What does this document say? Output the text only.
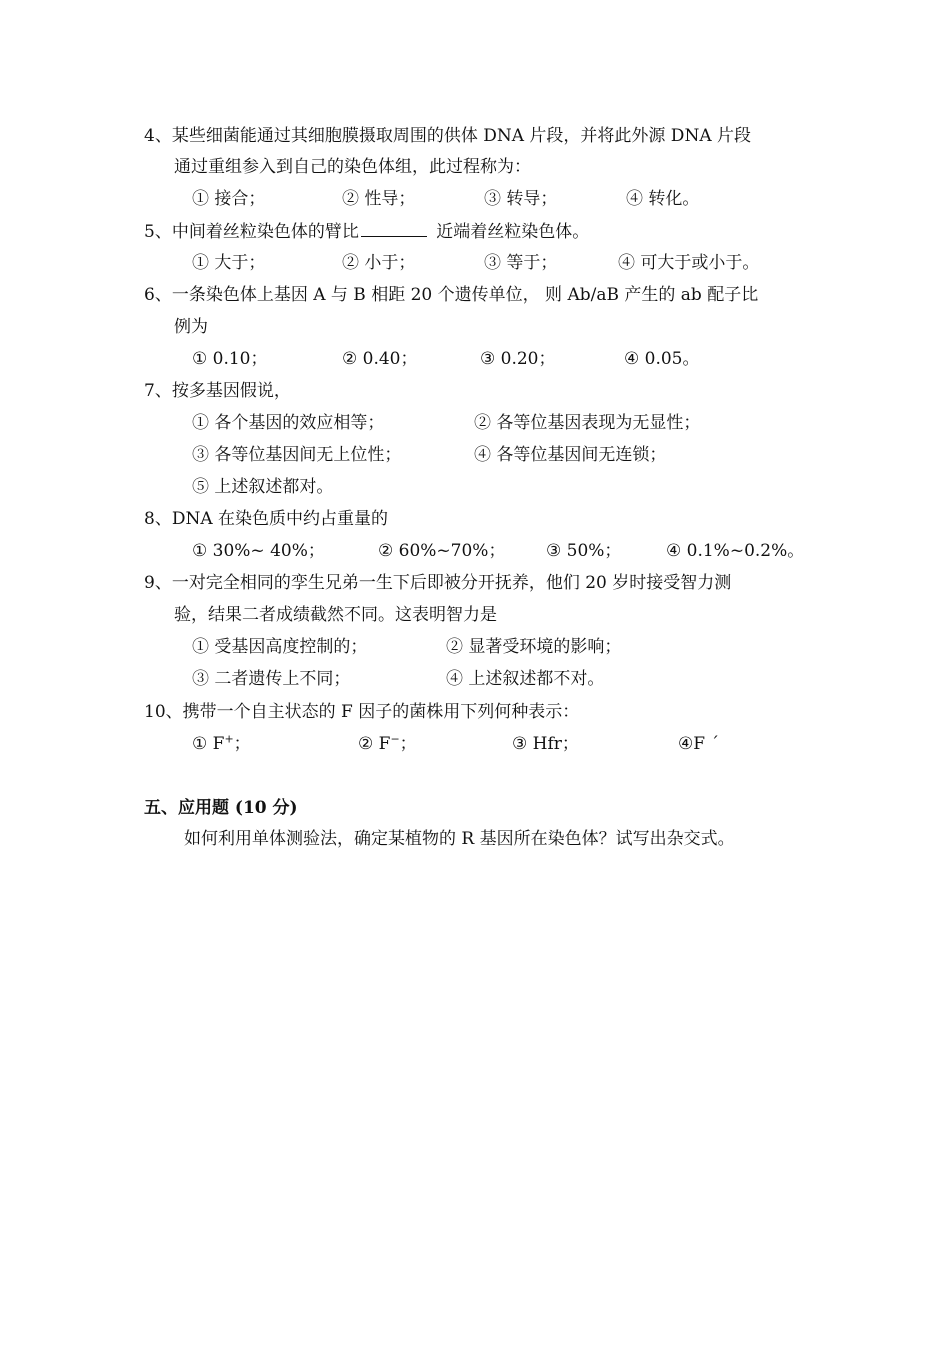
4、某些细菌能通过其细胞膜摄取周围的供体 DNA 片段，并将此外源 DNA 片段
通过重组参入到自己的染色体组，此过程称为：
① 接合；	② 性导；	③ 转导；	④ 转化。
5、中间着丝粒染色体的臂比	近端着丝粒染色体。
① 大于；	② 小于；	③ 等于；	④ 可大于或小于。
6、一条染色体上基因 A 与 B 相距 20 个遗传单位， 则 Ab/aB 产生的 ab 配子比
例为
① 0.10；	② 0.40；	③ 0.20；	④ 0.05。
7、按多基因假说，
① 各个基因的效应相等；	② 各等位基因表现为无显性；
③ 各等位基因间无上位性；	④ 各等位基因间无连锁；
⑤ 上述叙述都对。
8、DNA 在染色质中约占重量的
① 30%~ 40%；	② 60%~70%； ③ 50%；	④ 0.1%~0.2%。
9、一对完全相同的孪生兄弟一生下后即被分开抚养，他们 20 岁时接受智力测
验，结果二者成绩截然不同。这表明智力是
① 受基因高度控制的；	② 显著受环境的影响；
③ 二者遗传上不同；	④ 上述叙述都不对。
10、携带一个自主状态的 F 因子的菌株用下列何种表示：
① F+；	② F−；	③ Hfr；	④F ´
五、应用题 (10 分)
如何利用单体测验法，确定某植物的 R 基因所在染色体？试写出杂交式。
